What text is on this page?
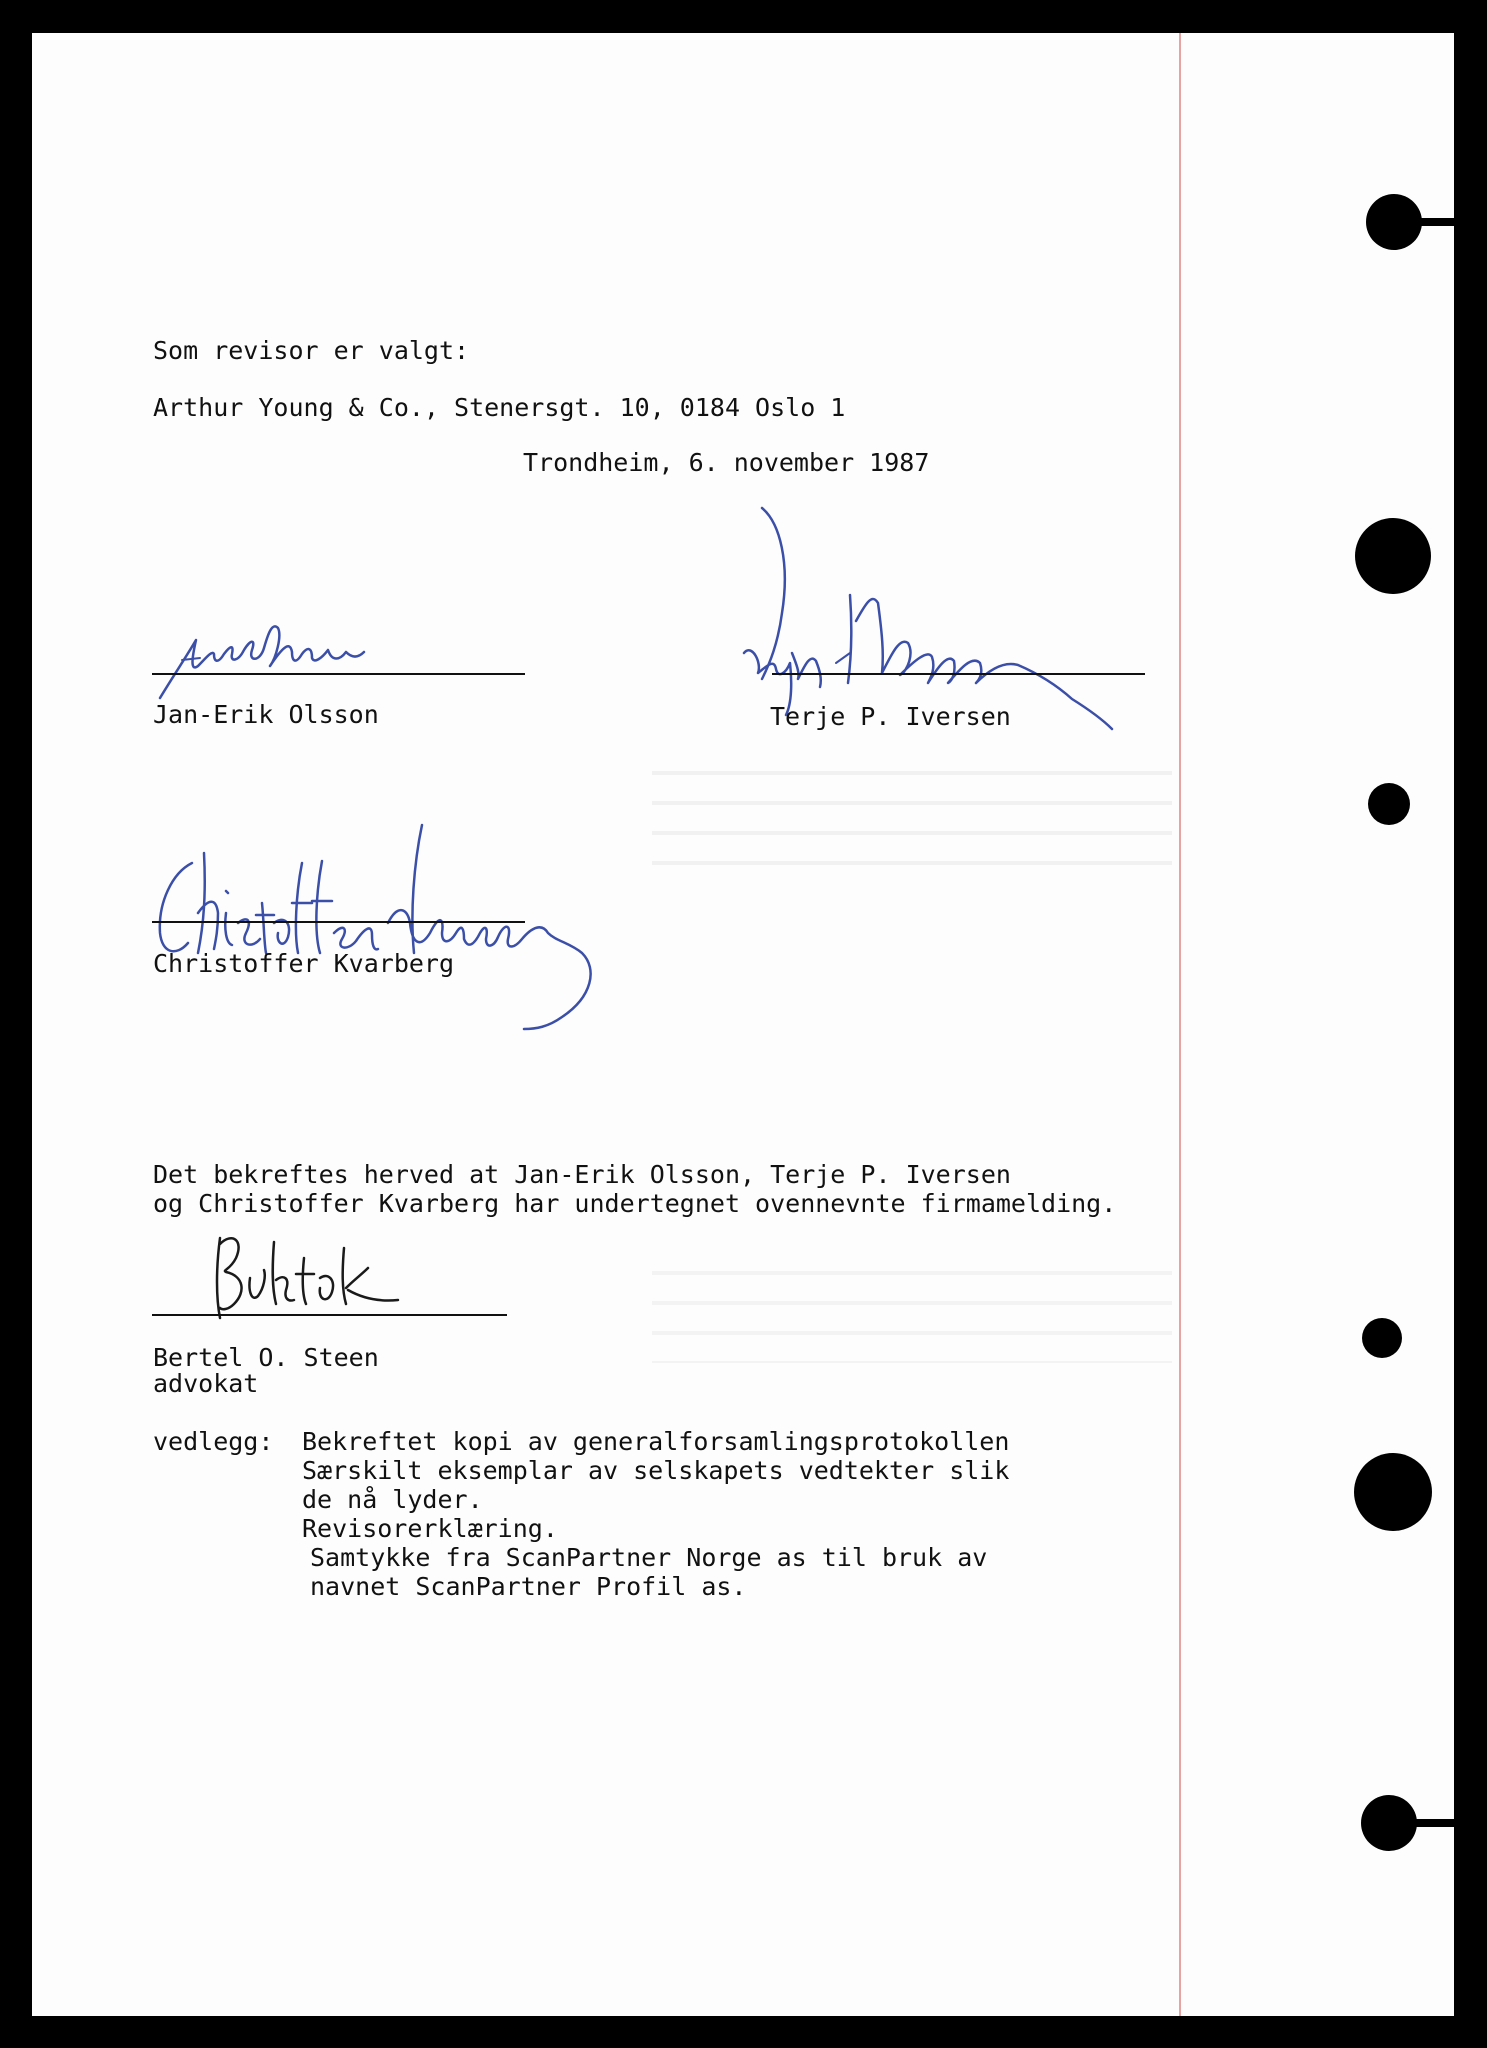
Som revisor er valgt:
Arthur Young & Co., Stenersgt. 10, 0184 Oslo 1
Trondheim, 6. november 1987
Jan-Erik Olsson	Terje P. Iversen
Christoffer Kvarberg
Det bekreftes herved at Jan-Erik Olsson, Terje P. Iversen
og Christoffer Kvarberg har undertegnet ovennevnte firmamelding.
Bertel O. Steen
advokat
vedlegg: Bekreftet kopi av generalforsamlingsprotokollen
Særskilt eksemplar av selskapets vedtekter slik
de nå lyder.
Revisorerklæring.
Samtykke fra ScanPartner Norge as til bruk av
navnet ScanPartner Profil as.
